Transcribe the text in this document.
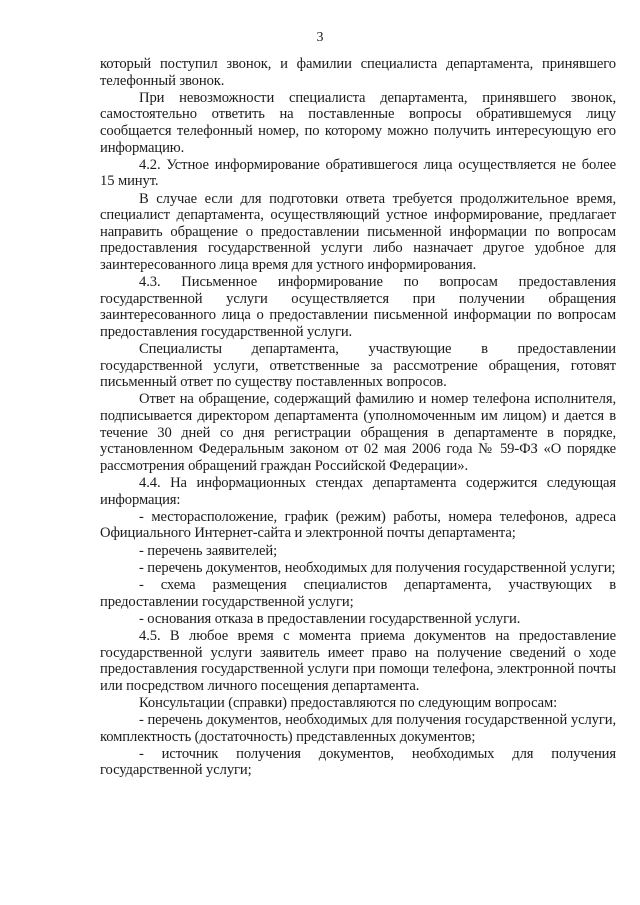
3

который поступил звонок, и фамилии специалиста департамента, принявшего телефонный звонок.

При невозможности специалиста департамента, принявшего звонок, самостоятельно ответить на поставленные вопросы обратившемуся лицу сообщается телефонный номер, по которому можно получить интересующую его информацию.

4.2. Устное информирование обратившегося лица осуществляется не более 15 минут.

В случае если для подготовки ответа требуется продолжительное время, специалист департамента, осуществляющий устное информирование, предлагает направить обращение о предоставлении письменной информации по вопросам предоставления государственной услуги либо назначает другое удобное для заинтересованного лица время для устного информирования.

4.3. Письменное информирование по вопросам предоставления государственной услуги осуществляется при получении обращения заинтересованного лица о предоставлении письменной информации по вопросам предоставления государственной услуги.

Специалисты департамента, участвующие в предоставлении государственной услуги, ответственные за рассмотрение обращения, готовят письменный ответ по существу поставленных вопросов.

Ответ на обращение, содержащий фамилию и номер телефона исполнителя, подписывается директором департамента (уполномоченным им лицом) и дается в течение 30 дней со дня регистрации обращения в департаменте в порядке, установленном Федеральным законом от 02 мая 2006 года № 59-ФЗ «О порядке рассмотрения обращений граждан Российской Федерации».

4.4. На информационных стендах департамента содержится следующая информация:

- месторасположение, график (режим) работы, номера телефонов, адреса Официального Интернет-сайта и электронной почты департамента;

- перечень заявителей;

- перечень документов, необходимых для получения государственной услуги;

- схема размещения специалистов департамента, участвующих в предоставлении государственной услуги;

- основания отказа в предоставлении государственной услуги.

4.5. В любое время с момента приема документов на предоставление государственной услуги заявитель имеет право на получение сведений о ходе предоставления государственной услуги при помощи телефона, электронной почты или посредством личного посещения департамента.

Консультации (справки) предоставляются по следующим вопросам:

- перечень документов, необходимых для получения государственной услуги, комплектность (достаточность) представленных документов;

- источник получения документов, необходимых для получения государственной услуги;
